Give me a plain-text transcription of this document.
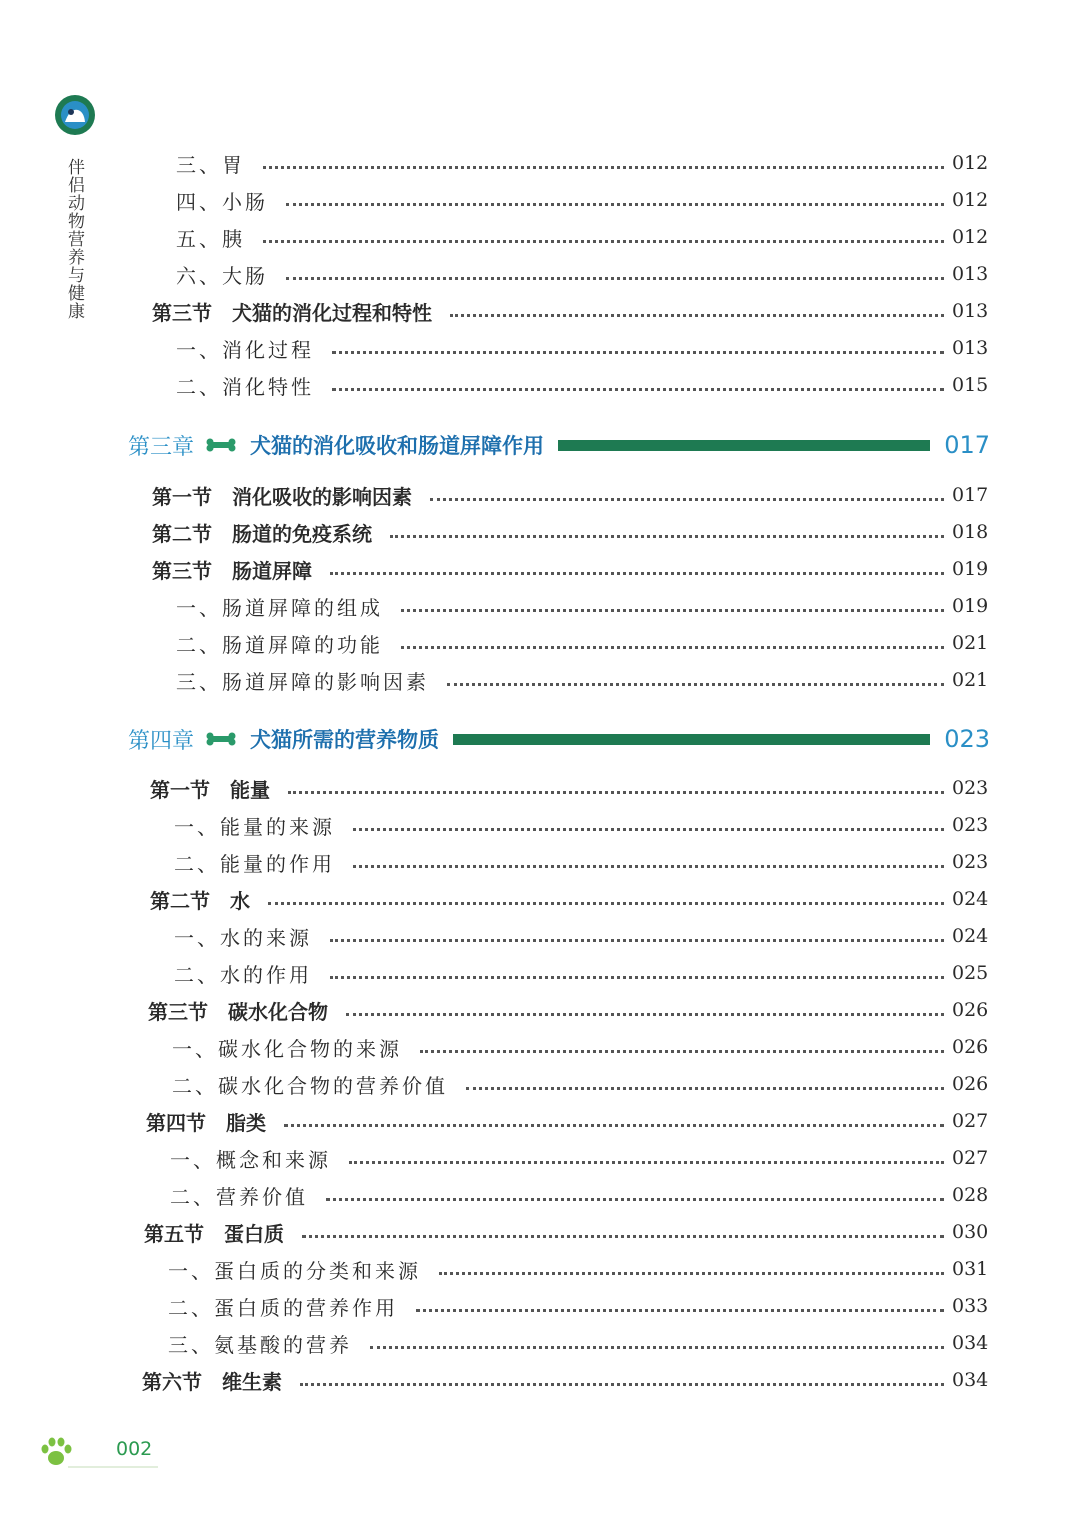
伴侣动物营养与健康	三、胃	012
四、小肠	012
五、胰	012
六、大肠	013
第三节　犬猫的消化过程和特性	013
一、消化过程	013
二、消化特性	015
第三章	犬猫的消化吸收和肠道屏障作用	017
第一节　消化吸收的影响因素	017
第二节　肠道的免疫系统	018
第三节　肠道屏障	019
一、肠道屏障的组成	019
二、肠道屏障的功能	021
三、肠道屏障的影响因素	021
第四章	犬猫所需的营养物质	023
第一节　能量	023
一、能量的来源	023
二、能量的作用	023
第二节　水	024
一、水的来源	024
二、水的作用	025
第三节　碳水化合物	026
一、碳水化合物的来源	026
二、碳水化合物的营养价值	026
第四节　脂类	027
一、概念和来源	027
二、营养价值	028
第五节　蛋白质	030
一、蛋白质的分类和来源	031
二、蛋白质的营养作用	033
三、氨基酸的营养	034
第六节　维生素	034
002
